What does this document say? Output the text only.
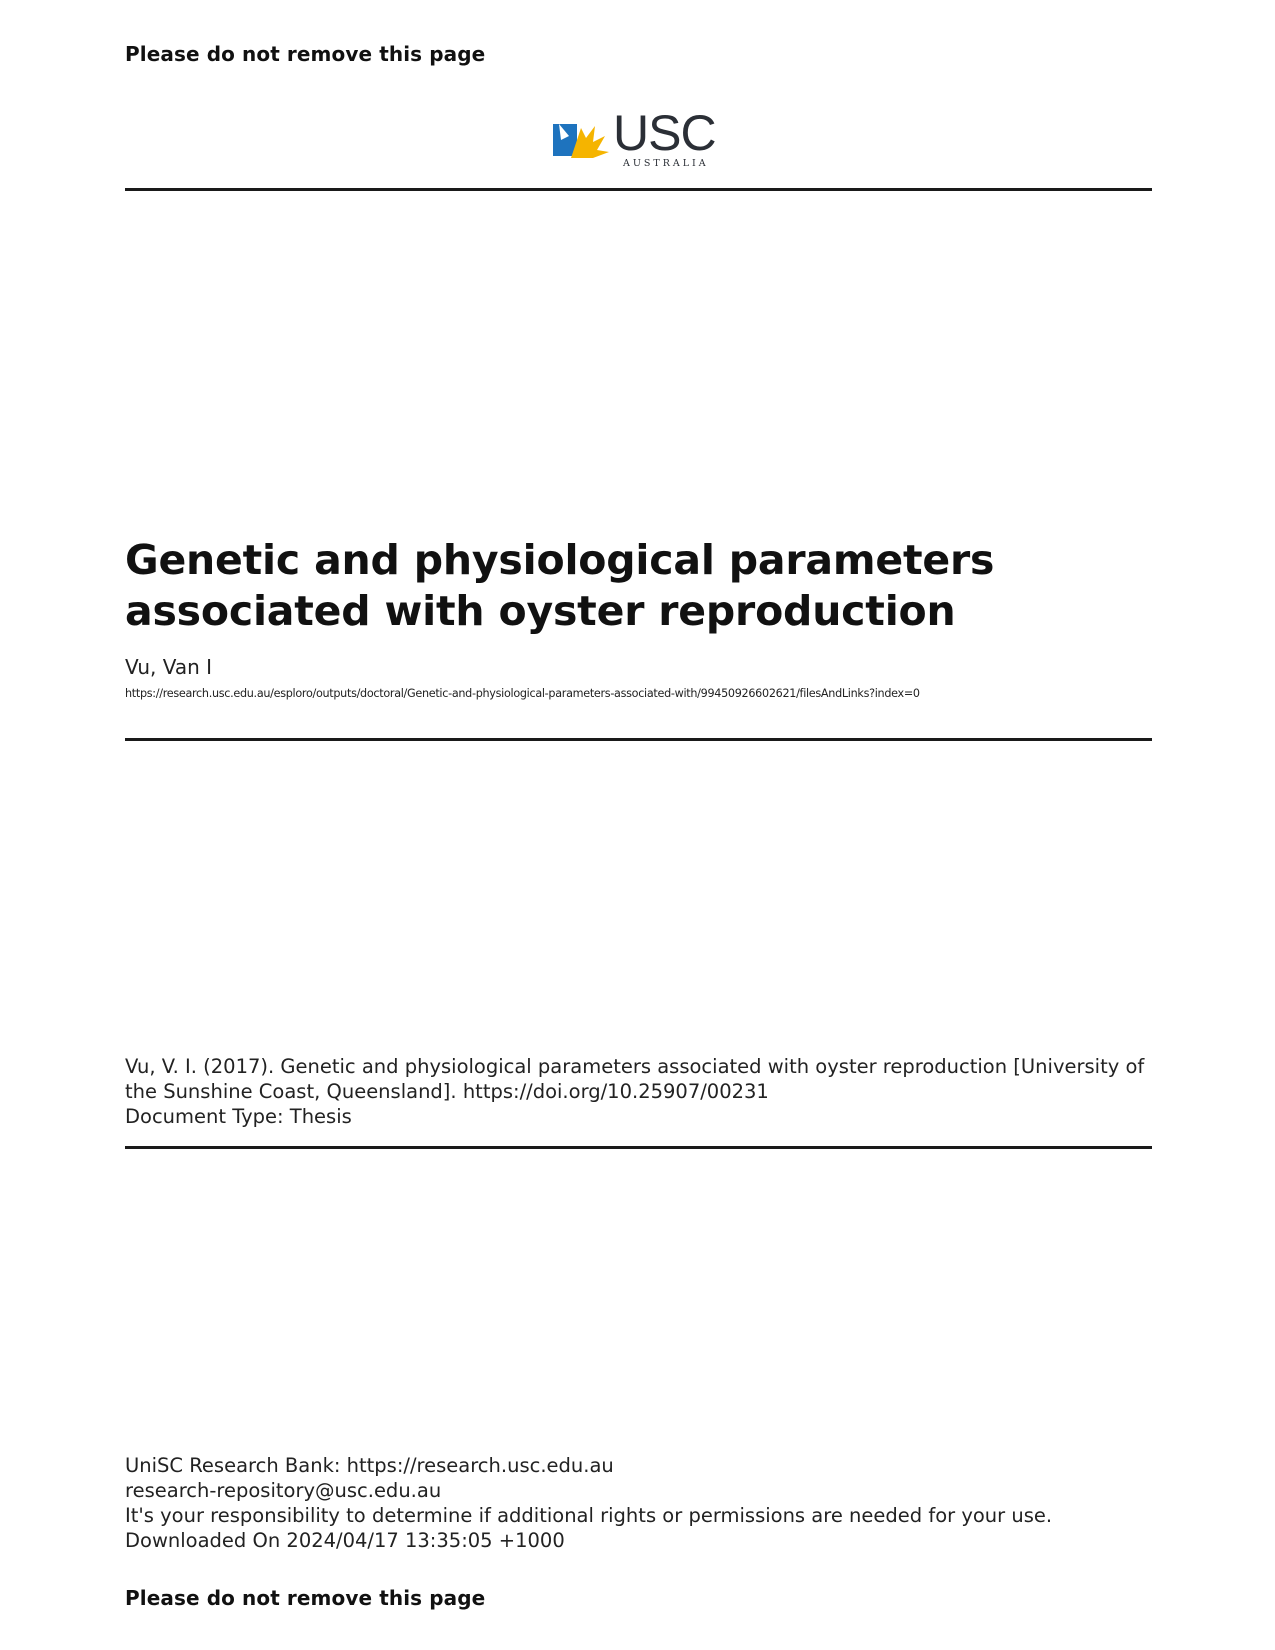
Please do not remove this page
USC
AUSTRALIA
Genetic and physiological parameters associated with oyster reproduction
Vu, Van I
https://research.usc.edu.au/esploro/outputs/doctoral/Genetic-and-physiological-parameters-associated-with/99450926602621/filesAndLinks?index=0
Vu, V. I. (2017). Genetic and physiological parameters associated with oyster reproduction [University of
the Sunshine Coast, Queensland]. https://doi.org/10.25907/00231
Document Type: Thesis
UniSC Research Bank: https://research.usc.edu.au
research-repository@usc.edu.au
It's your responsibility to determine if additional rights or permissions are needed for your use.
Downloaded On 2024/04/17 13:35:05 +1000
Please do not remove this page
